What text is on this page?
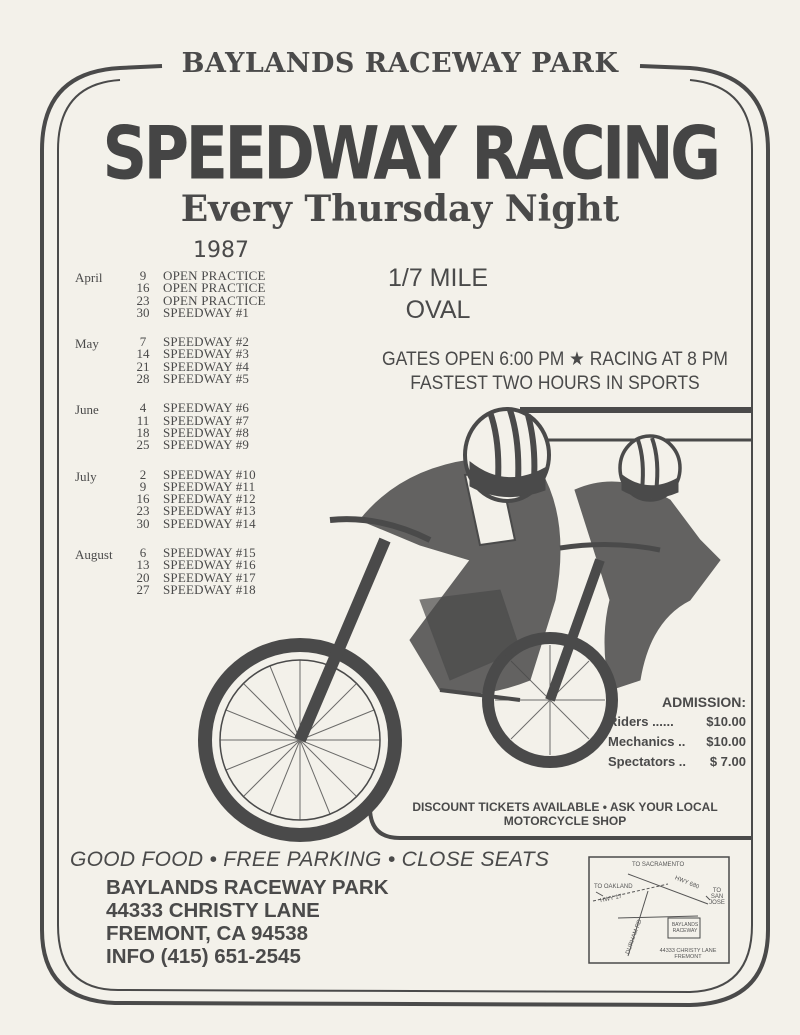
BAYLANDS RACEWAY PARK

SPEEDWAY RACING

Every Thursday Night

1987

April	9	OPEN PRACTICE
16	OPEN PRACTICE
23	OPEN PRACTICE
30	SPEEDWAY #1
May	7	SPEEDWAY #2
14	SPEEDWAY #3
21	SPEEDWAY #4
28	SPEEDWAY #5
June	4	SPEEDWAY #6
11	SPEEDWAY #7
18	SPEEDWAY #8
25	SPEEDWAY #9
July	2	SPEEDWAY #10
9	SPEEDWAY #11
16	SPEEDWAY #12
23	SPEEDWAY #13
30	SPEEDWAY #14
August	6	SPEEDWAY #15
13	SPEEDWAY #16
20	SPEEDWAY #17
27	SPEEDWAY #18
1/7 MILE
OVAL
GATES OPEN 6:00 PM ★ RACING AT 8 PM
FASTEST TWO HOURS IN SPORTS
ADMISSION:
Riders ...... $10.00
Mechanics .. $10.00
Spectators .. $ 7.00
DISCOUNT TICKETS AVAILABLE • ASK YOUR LOCAL
MOTORCYCLE SHOP

GOOD FOOD • FREE PARKING • CLOSE SEATS

BAYLANDS RACEWAY PARK
44333 CHRISTY LANE
FREMONT, CA 94538
INFO (415) 651-2545
TO SACRAMENTO
TO OAKLAND
TO SAN JOSE
HWY 680
HWY 17
DURHAM RD	BAYLANDS RACEWAY
44333 CHRISTY LANE FREMONT
